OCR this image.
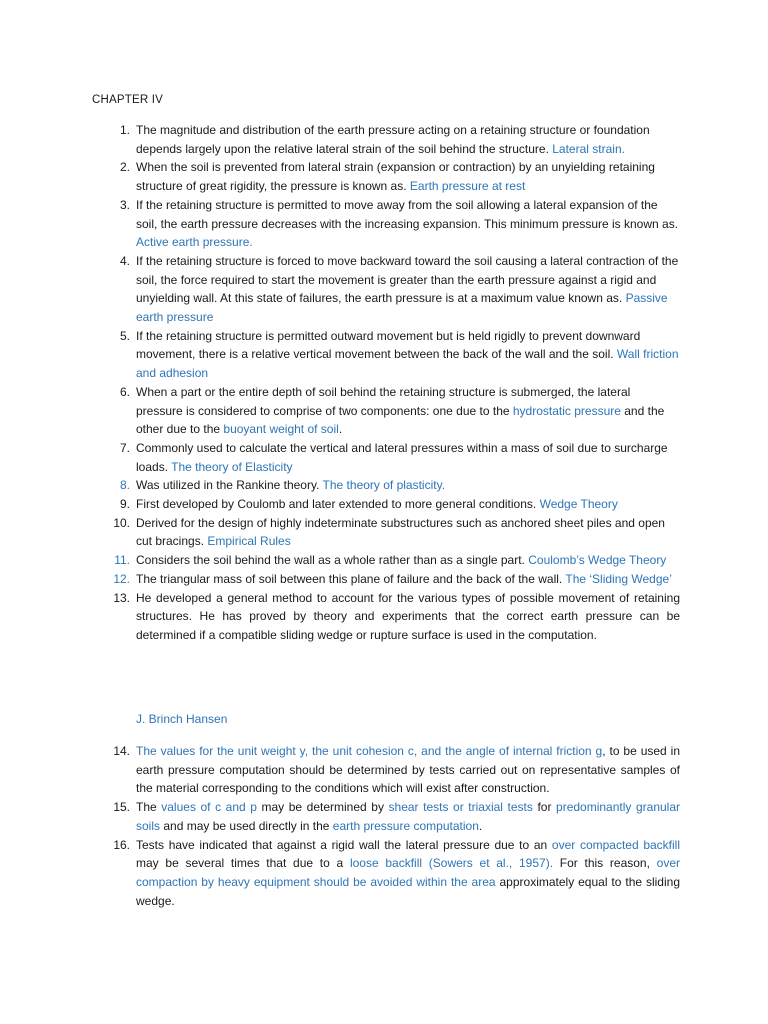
CHAPTER IV
1. The magnitude and distribution of the earth pressure acting on a retaining structure or foundation depends largely upon the relative lateral strain of the soil behind the structure. Lateral strain.
2. When the soil is prevented from lateral strain (expansion or contraction) by an unyielding retaining structure of great rigidity, the pressure is known as. Earth pressure at rest
3. If the retaining structure is permitted to move away from the soil allowing a lateral expansion of the soil, the earth pressure decreases with the increasing expansion. This minimum pressure is known as. Active earth pressure.
4. If the retaining structure is forced to move backward toward the soil causing a lateral contraction of the soil, the force required to start the movement is greater than the earth pressure against a rigid and unyielding wall. At this state of failures, the earth pressure is at a maximum value known as. Passive earth pressure
5. If the retaining structure is permitted outward movement but is held rigidly to prevent downward movement, there is a relative vertical movement between the back of the wall and the soil. Wall friction and adhesion
6. When a part or the entire depth of soil behind the retaining structure is submerged, the lateral pressure is considered to comprise of two components: one due to the hydrostatic pressure and the other due to the buoyant weight of soil.
7. Commonly used to calculate the vertical and lateral pressures within a mass of soil due to surcharge loads. The theory of Elasticity
8. Was utilized in the Rankine theory. The theory of plasticity.
9. First developed by Coulomb and later extended to more general conditions. Wedge Theory
10. Derived for the design of highly indeterminate substructures such as anchored sheet piles and open cut bracings. Empirical Rules
11. Considers the soil behind the wall as a whole rather than as a single part. Coulomb’s Wedge Theory
12. The triangular mass of soil between this plane of failure and the back of the wall. The ‘Sliding Wedge’
13. He developed a general method to account for the various types of possible movement of retaining structures. He has proved by theory and experiments that the correct earth pressure can be determined if a compatible sliding wedge or rupture surface is used in the computation.
J. Brinch Hansen
14. The values for the unit weight y, the unit cohesion c, and the angle of internal friction g, to be used in earth pressure computation should be determined by tests carried out on representative samples of the material corresponding to the conditions which will exist after construction.
15. The values of c and p may be determined by shear tests or triaxial tests for predominantly granular soils and may be used directly in the earth pressure computation.
16. Tests have indicated that against a rigid wall the lateral pressure due to an over compacted backfill may be several times that due to a loose backfill (Sowers et al., 1957). For this reason, over compaction by heavy equipment should be avoided within the area approximately equal to the sliding wedge.
